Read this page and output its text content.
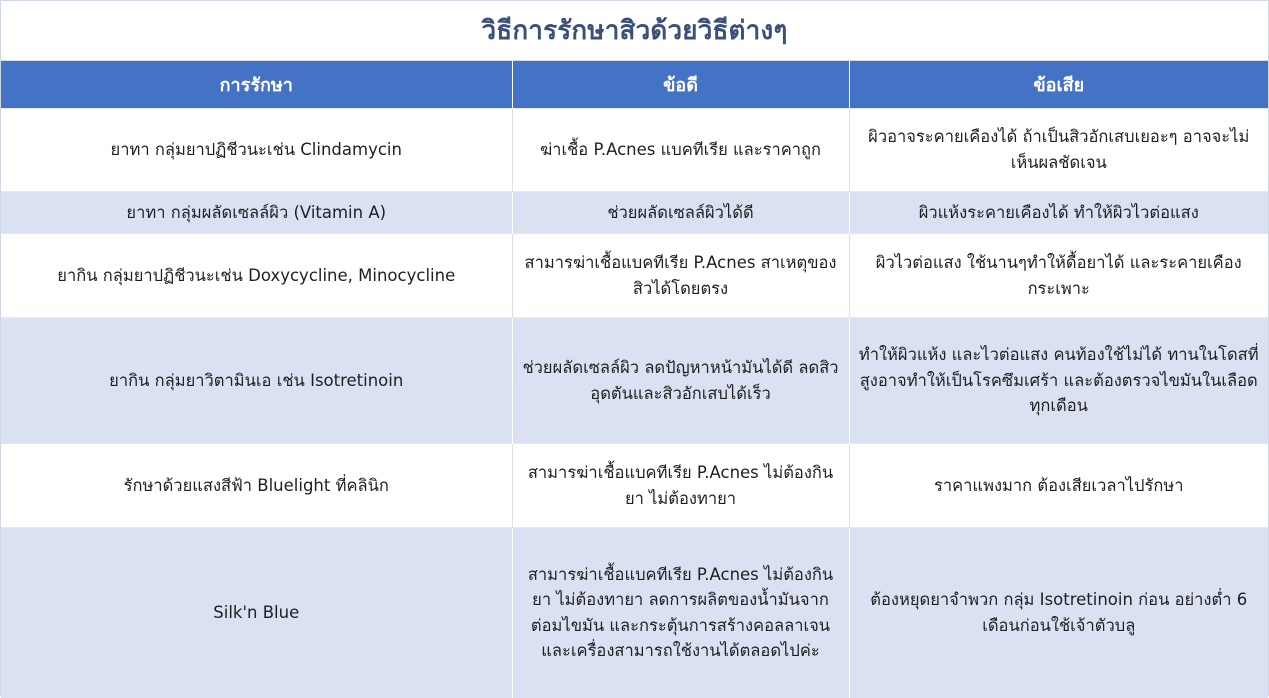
วิธีการรักษาสิวด้วยวิธีต่างๆ
การรักษา	ข้อดี	ข้อเสีย
ยาทา กลุ่มยาปฏิชีวนะเช่น Clindamycin	ฆ่าเชื้อ P.Acnes แบคทีเรีย และราคาถูก	ผิวอาจระคายเคืองได้ ถ้าเป็นสิวอักเสบเยอะๆ อาจจะไม่เห็นผลชัดเจน
ยาทา กลุ่มผลัดเซลล์ผิว (Vitamin A)	ช่วยผลัดเซลล์ผิวได้ดี	ผิวแห้งระคายเคืองได้ ทำให้ผิวไวต่อแสง
ยากิน กลุ่มยาปฏิชีวนะเช่น Doxycycline, Minocycline	สามารฆ่าเชื้อแบคทีเรีย P.Acnes สาเหตุของสิวได้โดยตรง	ผิวไวต่อแสง ใช้นานๆทำให้ดื้อยาได้ และระคายเคืองกระเพาะ
ยากิน กลุ่มยาวิตามินเอ เช่น Isotretinoin	ช่วยผลัดเซลล์ผิว ลดปัญหาหน้ามันได้ดี ลดสิวอุดตันและสิวอักเสบได้เร็ว	ทำให้ผิวแห้ง และไวต่อแสง คนท้องใช้ไม่ได้ ทานในโดสที่สูงอาจทำให้เป็นโรคซึมเศร้า และต้องตรวจไขมันในเลือดทุกเดือน
รักษาด้วยแสงสีฟ้า Bluelight ที่คลินิก	สามารฆ่าเชื้อแบคทีเรีย P.Acnes ไม่ต้องกินยา ไม่ต้องทายา	ราคาแพงมาก ต้องเสียเวลาไปรักษา
Silk'n Blue	สามารฆ่าเชื้อแบคทีเรีย P.Acnes ไม่ต้องกินยา ไม่ต้องทายา ลดการผลิตของน้ำมันจากต่อมไขมัน และกระตุ้นการสร้างคอลลาเจน และเครื่องสามารถใช้งานได้ตลอดไปค่ะ	ต้องหยุดยาจำพวก กลุ่ม Isotretinoin ก่อน อย่างต่ำ 6 เดือนก่อนใช้เจ้าตัวบลู
